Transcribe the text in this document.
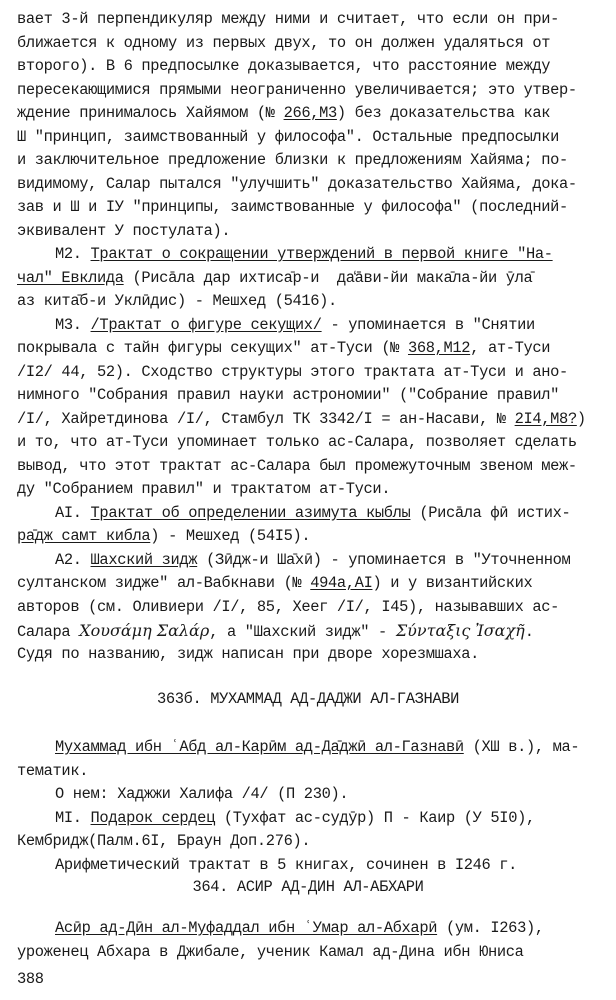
вает 3-й перпендикуляр между ними и считает, что если он при-
ближается к одному из первых двух, то он должен удаляться от
второго). В 6 предпосылке доказывается, что расстояние между
пересекающимися прямыми неограниченно увеличивается; это утвер-
ждение принималось Хайямом (№ 266,М3) без доказательства как
Ш "принцип, заимствованный у философа". Остальные предпосылки
и заключительное предложение близки к предложениям Хайяма; по-
видимому, Салар пытался "улучшить" доказательство Хайяма, дока-
зав и Ш и IУ "принципы, заимствованные у философа" (последний-
эквивалент У постулата).
М2. Трактат о сокращении утверждений в первой книге "На-
чал" Евклида (Рисāла дар ихтиса̄р-и  да̒āви-йи мака̄ла-йи ӯла̄
аз кита̄б-и Уклӣдис) - Мешхед (5416).
М3. /Трактат о фигуре секущих/ - упоминается в "Снятии
покрывала с тайн фигуры секущих" ат-Туси (№ 368,М12, ат-Туси
/I2/ 44, 52). Сходство структуры этого трактата ат-Туси и ано-
нимного "Собрания правил науки астрономии" ("Собрание правил"
/I/, Хайретдинова /I/, Стамбул ТК 3342/I = ан-Насави, № 2I4,М8?)
и то, что ат-Туси упоминает только ас-Салара, позволяет сделать
вывод, что этот трактат ас-Салара был промежуточным звеном меж-
ду "Собранием правил" и трактатом ат-Туси.
АI. Трактат об определении азимута кыблы (Рисāла фӣ истих-
ра̄дж самт кибла) - Мешхед (54I5).
А2. Шахский зидж (Зӣдж-и Ша̄хӣ) - упоминается в "Уточненном
султанском зидже" ал-Вабкнави (№ 494а,АI) и у византийских
авторов (см. Оливиери /I/, 85, Хеег /I/, I45), называвших ас-
Салара Χουσάμη Σαλάρ, а "Шахский зидж" - Σύνταξις Ἰσαχῆ.
Судя по названию, зидж написан при дворе хорезмшаха.
363б. МУХАММАД АД-ДАДЖИ АЛ-ГАЗНАВИ
Мухаммад ибн ʿАбд ал-Карӣм ад-Да̄джӣ ал-Газнавӣ (ХШ в.), ма-
тематик.
О нем: Хаджжи Халифа /4/ (П 230).
МI. Подарок сердец (Тухфат ас-судӯр) П - Каир (У 5I0),
Кембридж(Палм.6I, Браун Доп.276).
Арифметический трактат в 5 книгах, сочинен в I246 г.
364. АСИР АД-ДИН АЛ-АБХАРИ
Асӣр ад-Дӣн ал-Муфаддал ибн ʿУмар ал-Абхарӣ (ум. I263),
уроженец Абхара в Джибале, ученик Камал ад-Дина ибн Юниса
388
